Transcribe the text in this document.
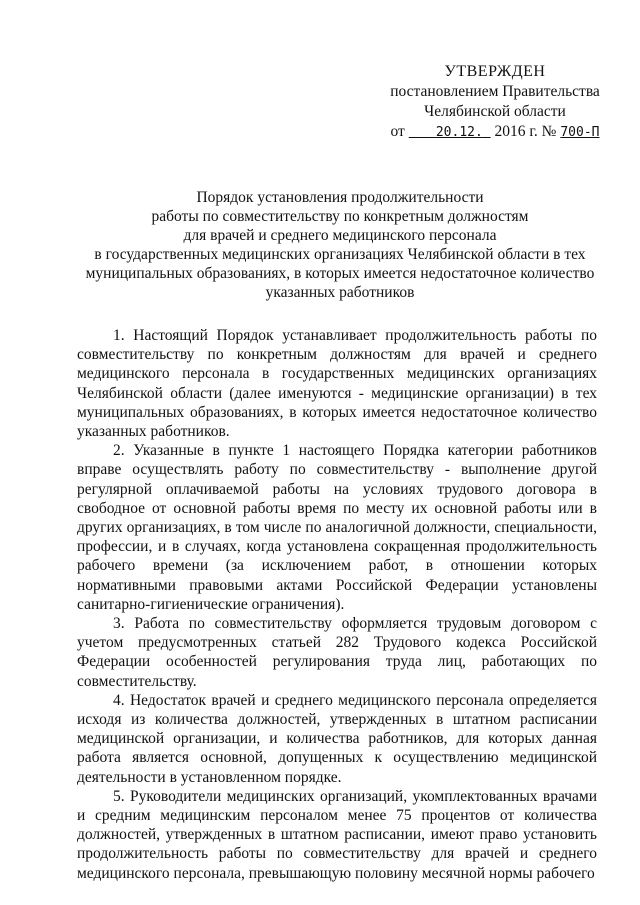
УТВЕРЖДЕН
постановлением Правительства
Челябинской области
от 20.12. 2016 г. № 700-П
Порядок установления продолжительности
работы по совместительству по конкретным должностям
для врачей и среднего медицинского персонала
в государственных медицинских организациях Челябинской области в тех
муниципальных образованиях, в которых имеется недостаточное количество
указанных работников

1. Настоящий Порядок устанавливает продолжительность работы по совместительству по конкретным должностям для врачей и среднего медицинского персонала в государственных медицинских организациях Челябинской области (далее именуются - медицинские организации) в тех муниципальных образованиях, в которых имеется недостаточное количество указанных работников.

2. Указанные в пункте 1 настоящего Порядка категории работников вправе осуществлять работу по совместительству - выполнение другой регулярной оплачиваемой работы на условиях трудового договора в свободное от основной работы время по месту их основной работы или в других организациях, в том числе по аналогичной должности, специальности, профессии, и в случаях, когда установлена сокращенная продолжительность рабочего времени (за исключением работ, в отношении которых нормативными правовыми актами Российской Федерации установлены санитарно-гигиенические ограничения).

3. Работа по совместительству оформляется трудовым договором с учетом предусмотренных статьей 282 Трудового кодекса Российской Федерации особенностей регулирования труда лиц, работающих по совместительству.

4. Недостаток врачей и среднего медицинского персонала определяется исходя из количества должностей, утвержденных в штатном расписании медицинской организации, и количества работников, для которых данная работа является основной, допущенных к осуществлению медицинской деятельности в установленном порядке.

5. Руководители медицинских организаций, укомплектованных врачами и средним медицинским персоналом менее 75 процентов от количества должностей, утвержденных в штатном расписании, имеют право установить продолжительность работы по совместительству для врачей и среднего медицинского персонала, превышающую половину месячной нормы рабочего
